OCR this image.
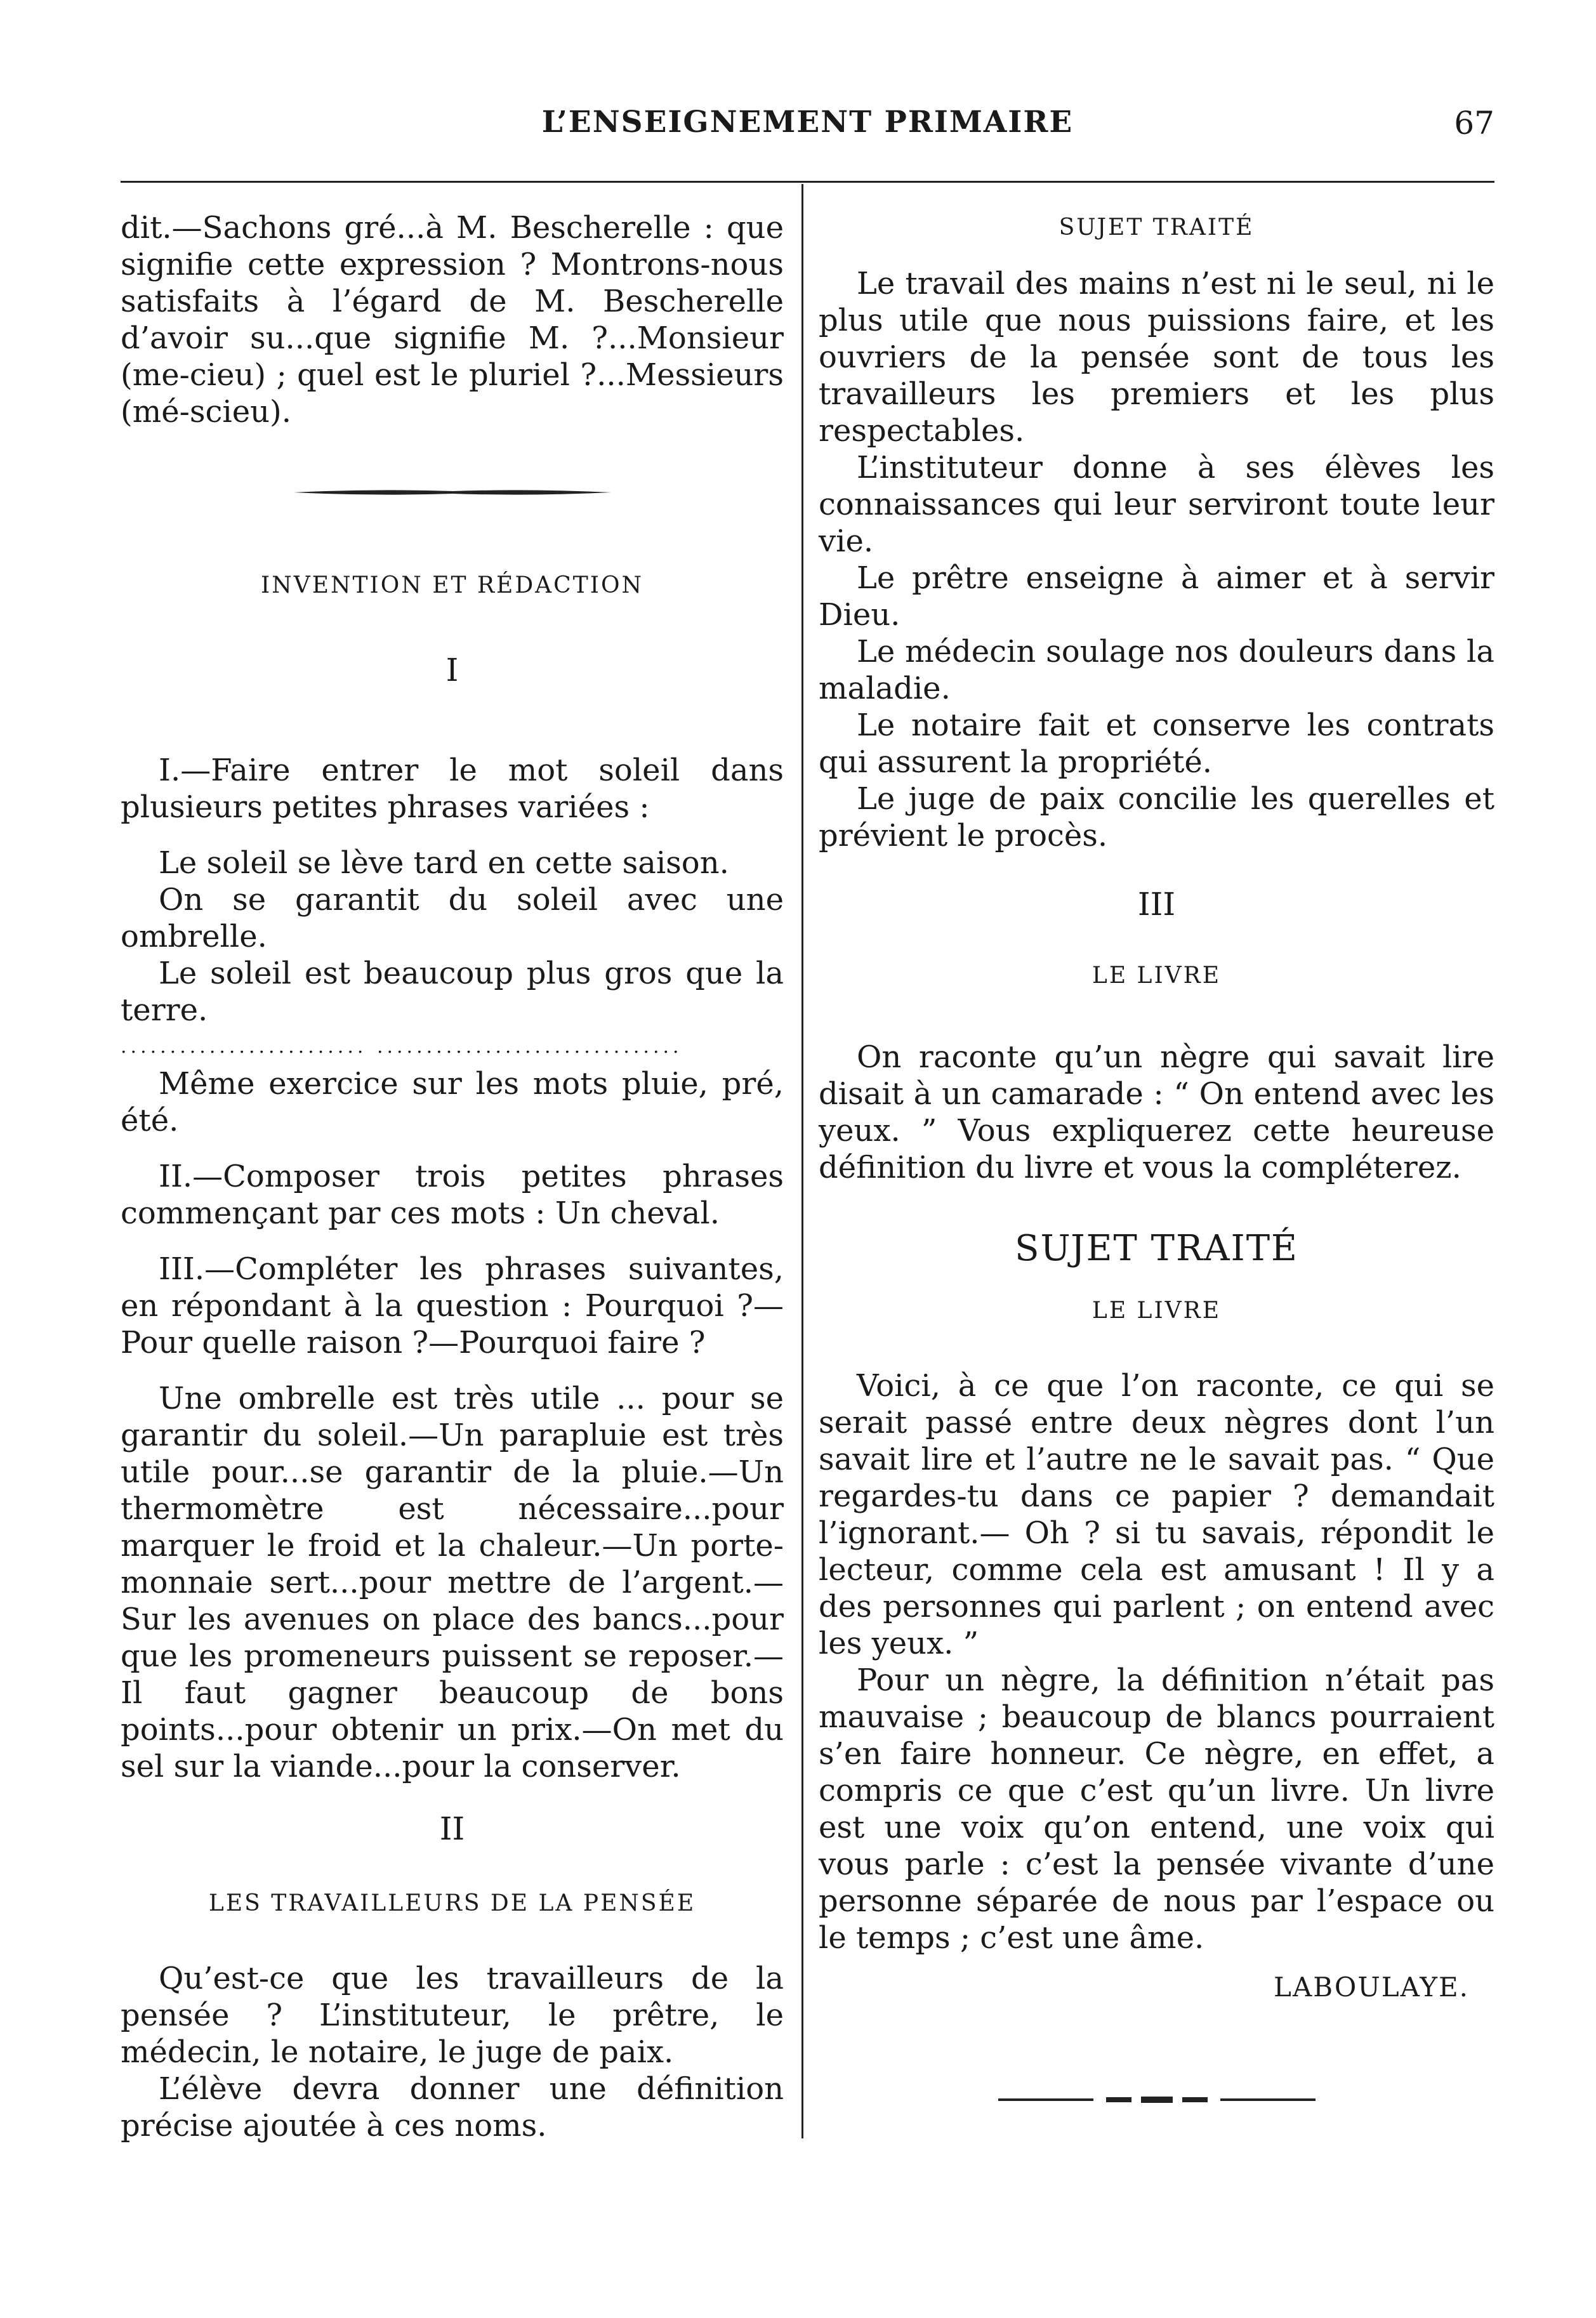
L’ENSEIGNEMENT PRIMAIRE	67

dit.—Sachons gré...à M. Bescherelle : que signifie cette expression ? Montrons-nous satisfaits à l’égard de M. Bescherelle d’avoir su...que signifie M. ?...Monsieur (me-cieu) ; quel est le pluriel ?...Messieurs (mé-scieu).

INVENTION ET RÉDACTION
I

I.—Faire entrer le mot soleil dans plusieurs petites phrases variées :

Le soleil se lève tard en cette saison.

On se garantit du soleil avec une ombrelle.

Le soleil est beaucoup plus gros que la terre.

......................... ...............................

Même exercice sur les mots pluie, pré, été.

II.—Composer trois petites phrases commençant par ces mots : Un cheval.

III.—Compléter les phrases suivantes, en répondant à la question : Pourquoi ?—Pour quelle raison ?—Pourquoi faire ?

Une ombrelle est très utile ... pour se garantir du soleil.—Un parapluie est très utile pour...se garantir de la pluie.—Un thermomètre est nécessaire...pour marquer le froid et la chaleur.—Un porte-monnaie sert...pour mettre de l’argent.—Sur les avenues on place des bancs...pour que les promeneurs puissent se reposer.—Il faut gagner beaucoup de bons points...pour obtenir un prix.—On met du sel sur la viande...pour la conserver.

II
LES TRAVAILLEURS DE LA PENSÉE

Qu’est-ce que les travailleurs de la pensée ? L’instituteur, le prêtre, le médecin, le notaire, le juge de paix.

L’élève devra donner une définition précise ajoutée à ces noms.

SUJET TRAITÉ

Le travail des mains n’est ni le seul, ni le plus utile que nous puissions faire, et les ouvriers de la pensée sont de tous les travailleurs les premiers et les plus respectables.

L’instituteur donne à ses élèves les connaissances qui leur serviront toute leur vie.

Le prêtre enseigne à aimer et à servir Dieu.

Le médecin soulage nos douleurs dans la maladie.

Le notaire fait et conserve les contrats qui assurent la propriété.

Le juge de paix concilie les querelles et prévient le procès.

III
LE LIVRE

On raconte qu’un nègre qui savait lire disait à un camarade : “ On entend avec les yeux. ” Vous expliquerez cette heureuse définition du livre et vous la compléterez.

SUJET TRAITÉ
LE LIVRE

Voici, à ce que l’on raconte, ce qui se serait passé entre deux nègres dont l’un savait lire et l’autre ne le savait pas. “ Que regardes-tu dans ce papier ? demandait l’ignorant.— Oh ? si tu savais, répondit le lecteur, comme cela est amusant ! Il y a des personnes qui parlent ; on entend avec les yeux. ”

Pour un nègre, la définition n’était pas mauvaise ; beaucoup de blancs pourraient s’en faire honneur. Ce nègre, en effet, a compris ce que c’est qu’un livre. Un livre est une voix qu’on entend, une voix qui vous parle : c’est la pensée vivante d’une personne séparée de nous par l’espace ou le temps ; c’est une âme.

LABOULAYE.
